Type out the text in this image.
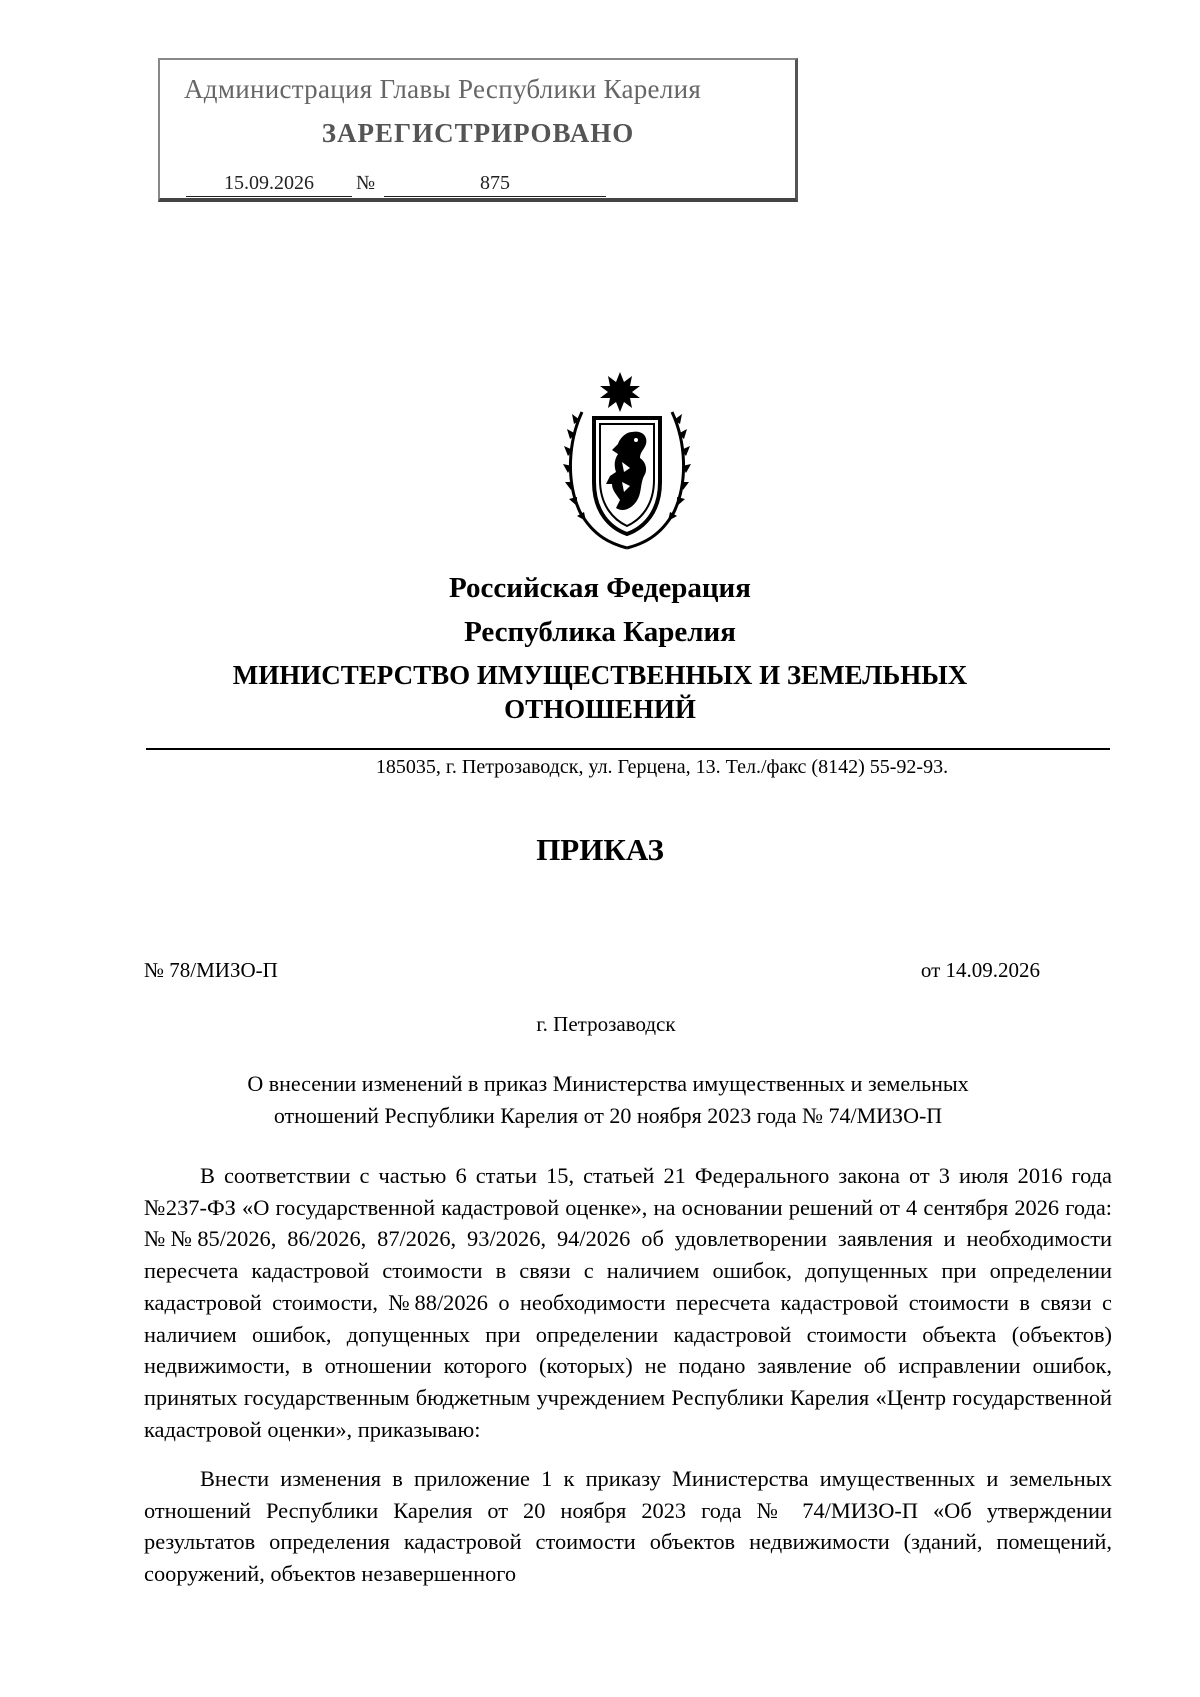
Администрация Главы Республики Карелия
ЗАРЕГИСТРИРОВАНО
15.09.2026	№	875
Российская Федерация
Республика Карелия
МИНИСТЕРСТВО ИМУЩЕСТВЕННЫХ И ЗЕМЕЛЬНЫХ
ОТНОШЕНИЙ
185035, г. Петрозаводск, ул. Герцена, 13. Тел./факс (8142) 55-92-93.
ПРИКАЗ
№ 78/МИЗО-П	от 14.09.2026
г. Петрозаводск
О внесении изменений в приказ Министерства имущественных и земельных
отношений Республики Карелия от 20 ноября 2023 года № 74/МИЗО-П
В соответствии с частью 6 статьи 15, статьей 21 Федерального закона от 3 июля 2016 года №237-ФЗ «О государственной кадастровой оценке», на основании решений от 4 сентября 2026 года: №№85/2026, 86/2026, 87/2026, 93/2026, 94/2026 об удовлетворении заявления и необходимости пересчета кадастровой стоимости в связи с наличием ошибок, допущенных при определении кадастровой стоимости, №88/2026 о необходимости пересчета кадастровой стоимости в связи с наличием ошибок, допущенных при определении кадастровой стоимости объекта (объектов) недвижимости, в отношении которого (которых) не подано заявление об исправлении ошибок, принятых государственным бюджетным учреждением Республики Карелия «Центр государственной кадастровой оценки», приказываю:
Внести изменения в приложение 1 к приказу Министерства имущественных и земельных отношений Республики Карелия от 20 ноября 2023 года № 74/МИЗО-П «Об утверждении результатов определения кадастровой стоимости объектов недвижимости (зданий, помещений, сооружений, объектов незавершенного
